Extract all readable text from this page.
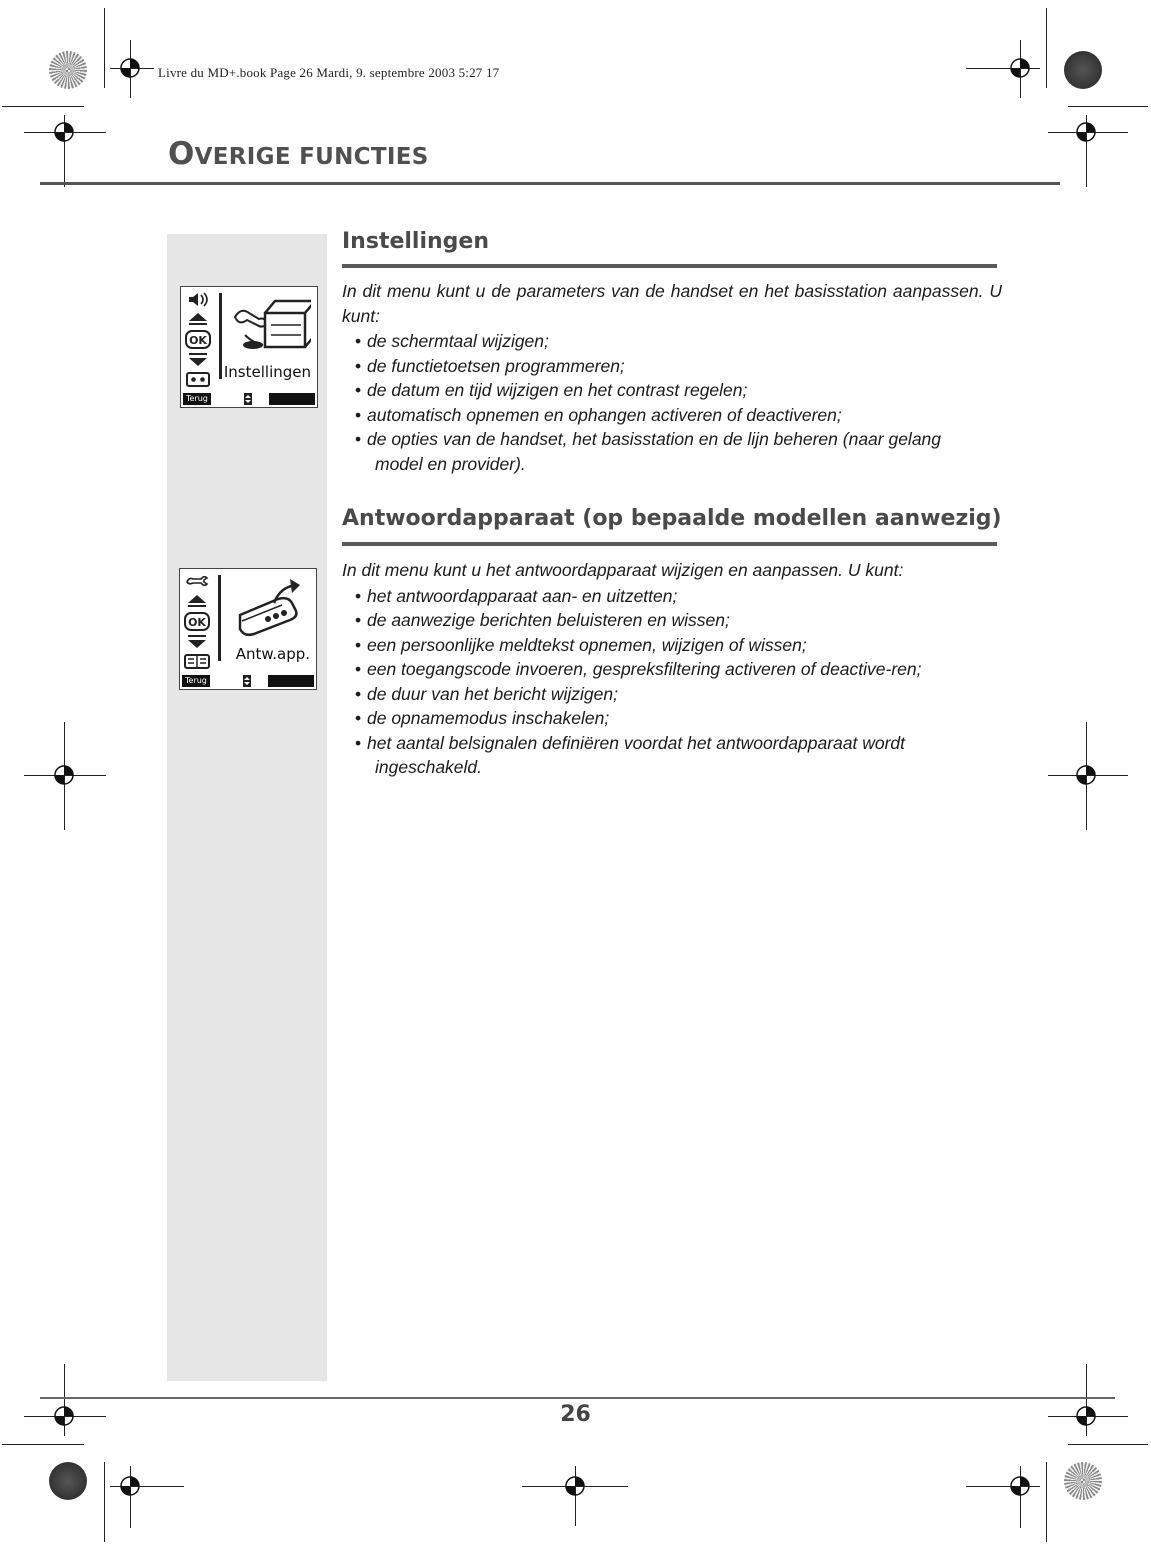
Livre du MD+.book Page 26 Mardi, 9. septembre 2003 5:27 17
OVERIGE FUNCTIES
OK
Instellingen
Terug
OK
Antw.app.
Terug
Instellingen

In dit menu kunt u de parameters van de handset en het basisstation aanpassen. U kunt:

• de schermtaal wijzigen;
• de functietoetsen programmeren;
• de datum en tijd wijzigen en het contrast regelen;
• automatisch opnemen en ophangen activeren of deactiveren;
• de opties van de handset, het basisstation en de lijn beheren (naar gelang model en provider).
Antwoordapparaat (op bepaalde modellen aanwezig)

In dit menu kunt u het antwoordapparaat wijzigen en aanpassen. U kunt:

• het antwoordapparaat aan- en uitzetten;
• de aanwezige berichten beluisteren en wissen;
• een persoonlijke meldtekst opnemen, wijzigen of wissen;
• een toegangscode invoeren, gespreksfiltering activeren of deactive-ren;
• de duur van het bericht wijzigen;
• de opnamemodus inschakelen;
• het aantal belsignalen definiëren voordat het antwoordapparaat wordt ingeschakeld.
26
